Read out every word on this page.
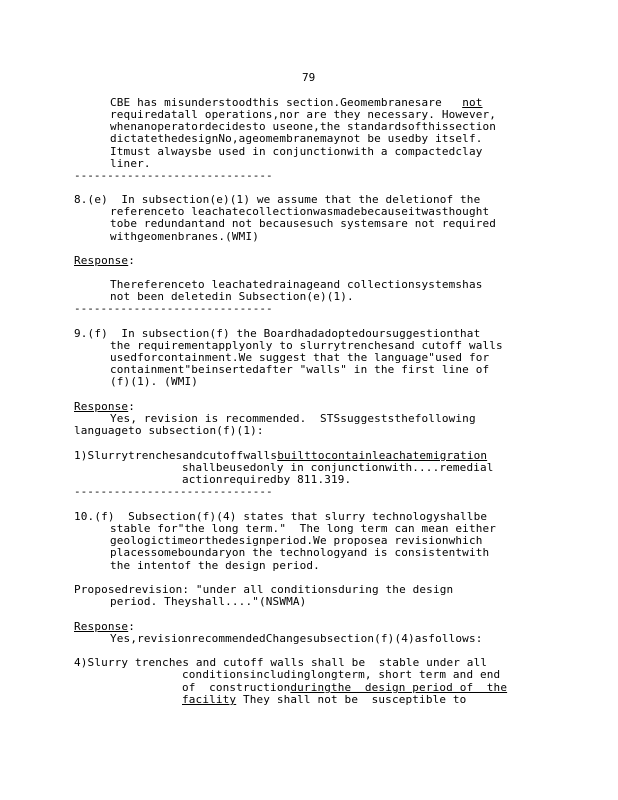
79
CBE has misunderstoodthis section.Geomembranesare not
requiredatall operations,nor are they necessary. However,
whenanoperatordecidesto useone,the standardsofthissection
dictatethedesignNo,ageomembranemaynot be usedby itself.
Itmust alwaysbe used in conjunctionwith a compactedclay
liner.
------------------------------
8.(e)  In subsection(e)(1) we assume that the deletionof the
referenceto leachatecollectionwasmadebecauseitwasthought
tobe redundantand not becausesuch systemsare not required
withgeomenbranes.(WMI)
Response:
Thereferenceto leachatedrainageand collectionsystemshas
not been deletedin Subsection(e)(1).
------------------------------
9.(f)  In subsection(f) the Boardhadadoptedoursuggestionthat
the requirementapplyonly to slurrytrenchesand cutoff walls
usedforcontainment.We suggest that the language"used for
containment"beinsertedafter "walls" in the first line of
(f)(1). (WMI)
Response:
Yes, revision is recommended.  STSsuggeststhefollowing
languageto subsection(f)(1):
1)Slurrytrenchesandcutoffwallsbuilttocontainleachatemigration
shallbeusedonly in conjunctionwith....remedial
actionrequiredby 811.319.
------------------------------
10.(f)  Subsection(f)(4) states that slurry technologyshallbe
stable for"the long term."  The long term can mean either
geologictimeorthedesignperiod.We proposea revisionwhich
placessomeboundaryon the technologyand is consistentwith
the intentof the design period.
Proposedrevision: "under all conditionsduring the design
period. Theyshall...."(NSWMA)
Response:
Yes,revisionrecommendedChangesubsection(f)(4)asfollows:
4)Slurry trenches and cutoff walls shall be  stable under all
conditionsincludinglongterm, short term and end
of  constructionduringthe  design period of  the
facility They shall not be  susceptible to
